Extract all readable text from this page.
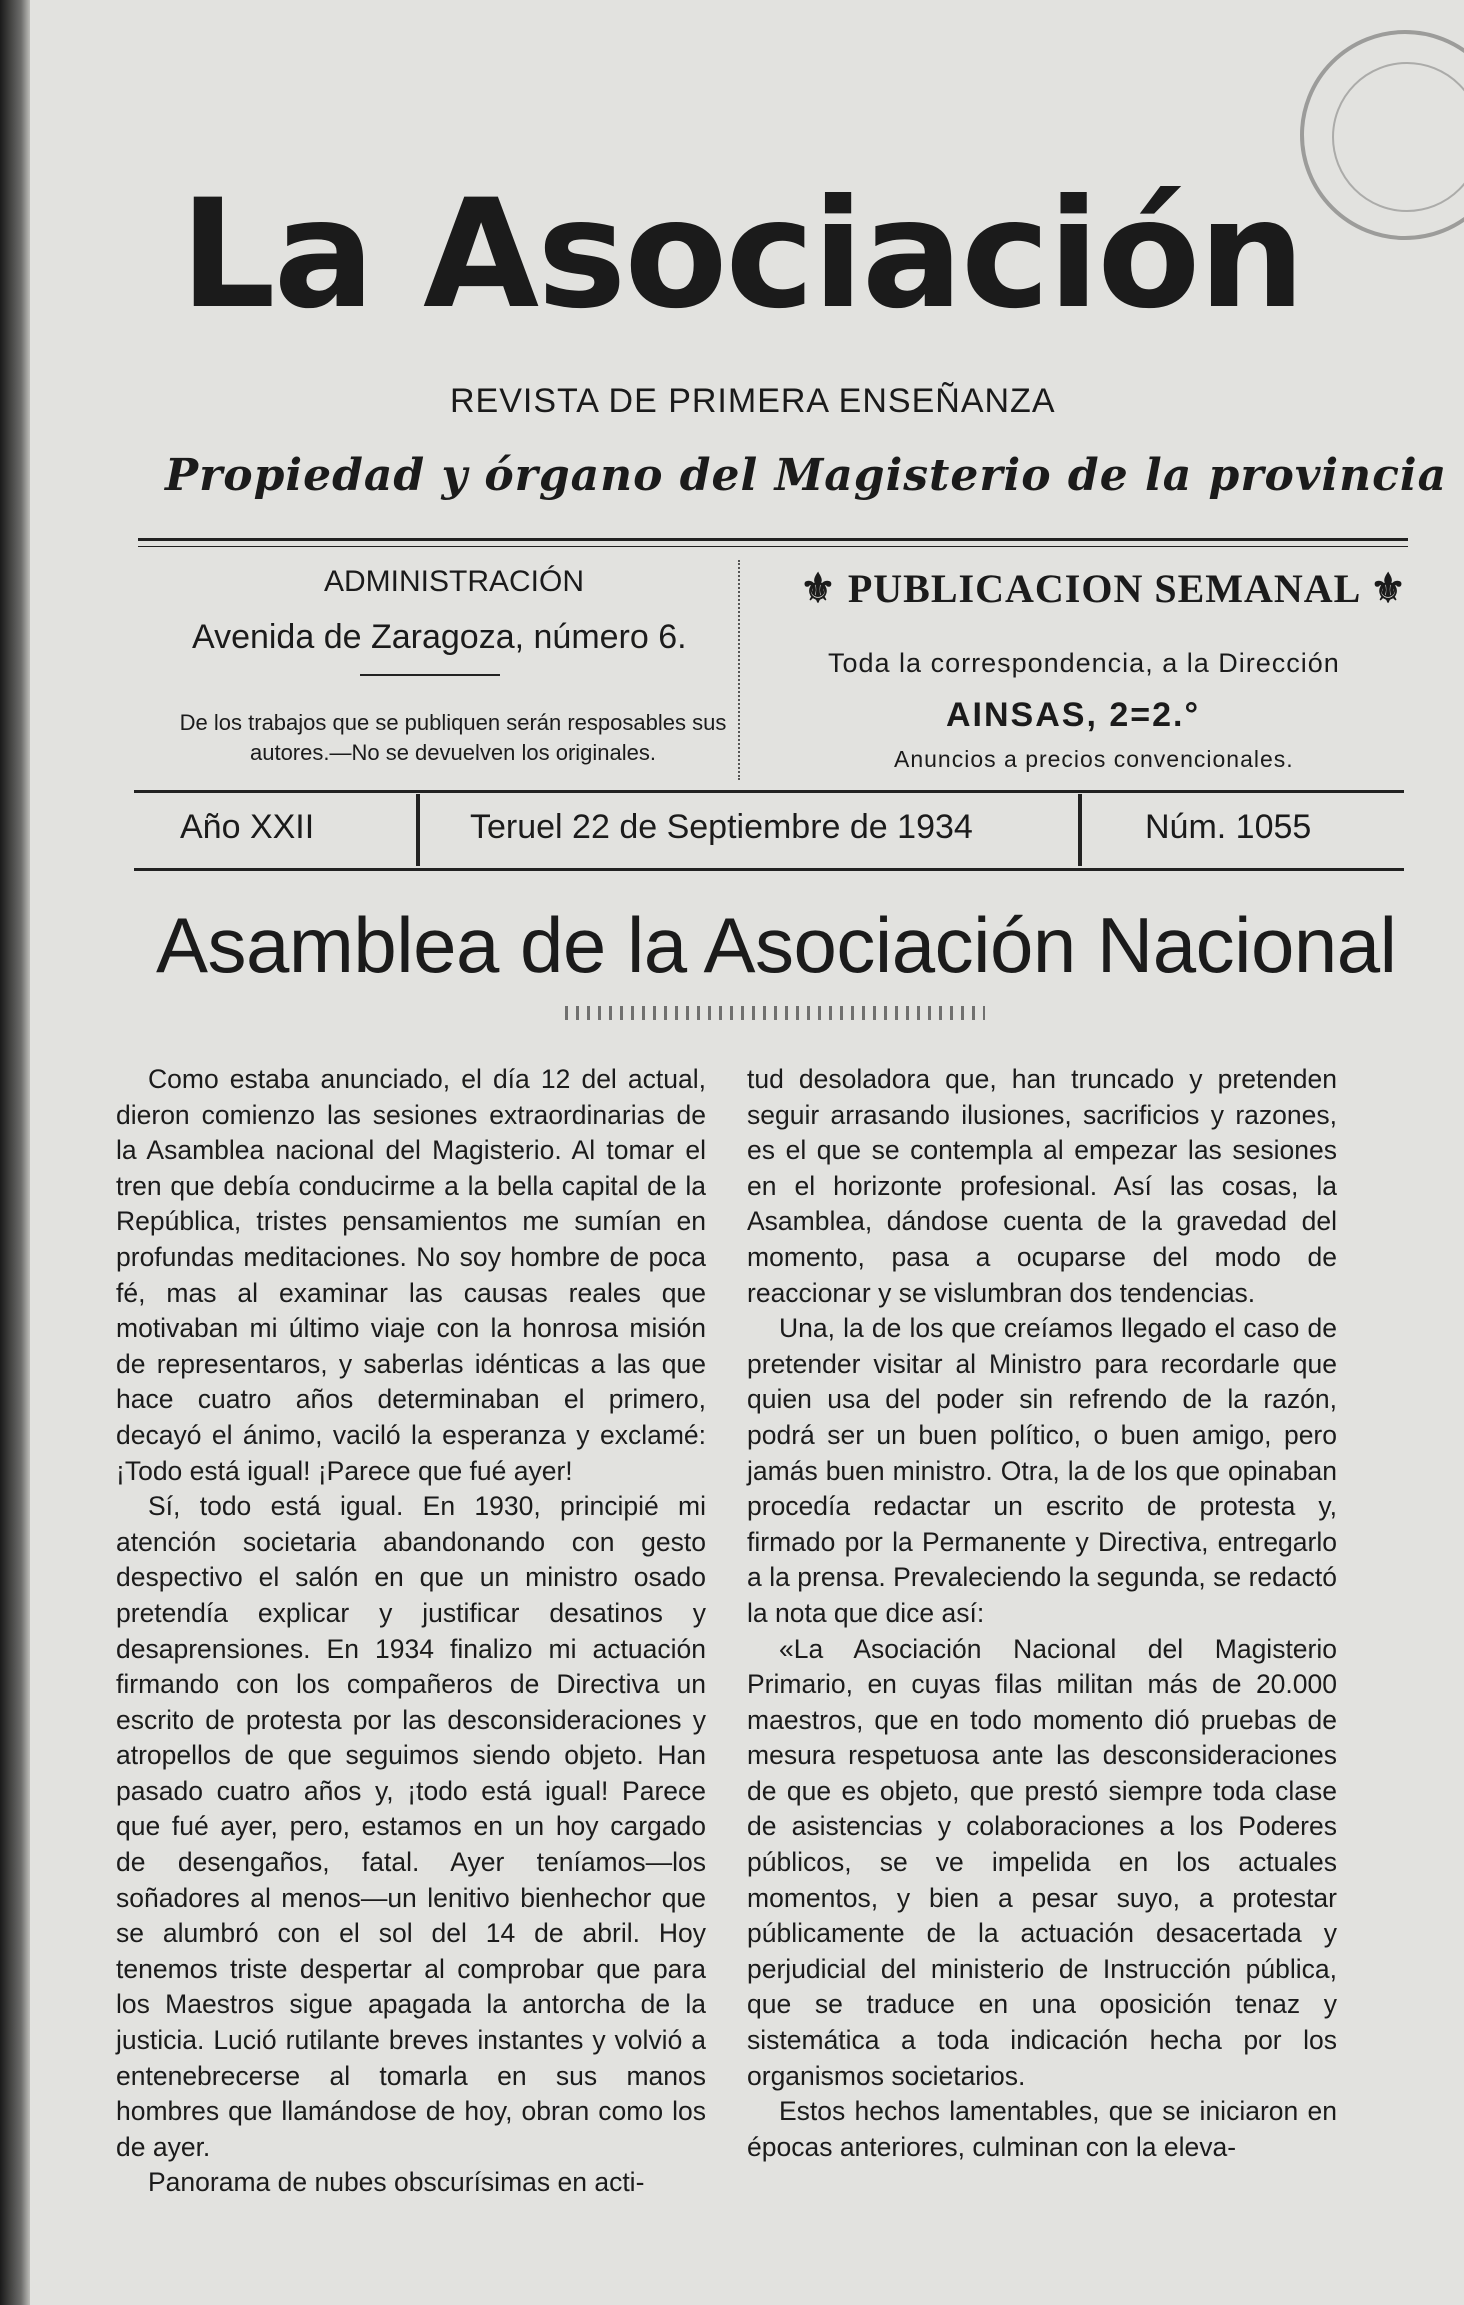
La Asociación
REVISTA DE PRIMERA ENSEÑANZA
Propiedad y órgano del Magisterio de la provincia
ADMINISTRACIÓN
Avenida de Zaragoza, número 6.
De los trabajos que se publiquen serán resposables sus autores.—No se devuelven los originales.
⚜ PUBLICACION SEMANAL ⚜
Toda la correspondencia, a la Dirección
AINSAS, 2=2.°
Anuncios a precios convencionales.
Año XXII	Teruel 22 de Septiembre de 1934	Núm. 1055
Asamblea de la Asociación Nacional

Como estaba anunciado, el día 12 del actual, dieron comienzo las sesiones extraordinarias de la Asamblea nacional del Magisterio. Al tomar el tren que debía conducirme a la bella capital de la República, tristes pensamientos me sumían en profundas meditaciones. No soy hombre de poca fé, mas al examinar las causas reales que motivaban mi último viaje con la honrosa misión de representaros, y saberlas idénticas a las que hace cuatro años determinaban el primero, decayó el ánimo, vaciló la esperanza y exclamé: ¡Todo está igual! ¡Parece que fué ayer!

Sí, todo está igual. En 1930, principié mi atención societaria abandonando con gesto despectivo el salón en que un ministro osado pretendía explicar y justificar desatinos y desaprensiones. En 1934 finalizo mi actuación firmando con los compañeros de Directiva un escrito de protesta por las desconsideraciones y atropellos de que seguimos siendo objeto. Han pasado cuatro años y, ¡todo está igual! Parece que fué ayer, pero, estamos en un hoy cargado de desengaños, fatal. Ayer teníamos—los soñadores al menos—un lenitivo bienhechor que se alumbró con el sol del 14 de abril. Hoy tenemos triste despertar al comprobar que para los Maestros sigue apagada la antorcha de la justicia. Lució rutilante breves instantes y volvió a entenebrecerse al tomarla en sus manos hombres que llamándose de hoy, obran como los de ayer.

Panorama de nubes obscurísimas en acti-

tud desoladora que, han truncado y pretenden seguir arrasando ilusiones, sacrificios y razones, es el que se contempla al empezar las sesiones en el horizonte profesional. Así las cosas, la Asamblea, dándose cuenta de la gravedad del momento, pasa a ocuparse del modo de reaccionar y se vislumbran dos tendencias.

Una, la de los que creíamos llegado el caso de pretender visitar al Ministro para recordarle que quien usa del poder sin refrendo de la razón, podrá ser un buen político, o buen amigo, pero jamás buen ministro. Otra, la de los que opinaban procedía redactar un escrito de protesta y, firmado por la Permanente y Directiva, entregarlo a la prensa. Prevaleciendo la segunda, se redactó la nota que dice así:

«La Asociación Nacional del Magisterio Primario, en cuyas filas militan más de 20.000 maestros, que en todo momento dió pruebas de mesura respetuosa ante las desconsideraciones de que es objeto, que prestó siempre toda clase de asistencias y colaboraciones a los Poderes públicos, se ve impelida en los actuales momentos, y bien a pesar suyo, a protestar públicamente de la actuación desacertada y perjudicial del ministerio de Instrucción pública, que se traduce en una oposición tenaz y sistemática a toda indicación hecha por los organismos societarios.

Estos hechos lamentables, que se iniciaron en épocas anteriores, culminan con la eleva-
